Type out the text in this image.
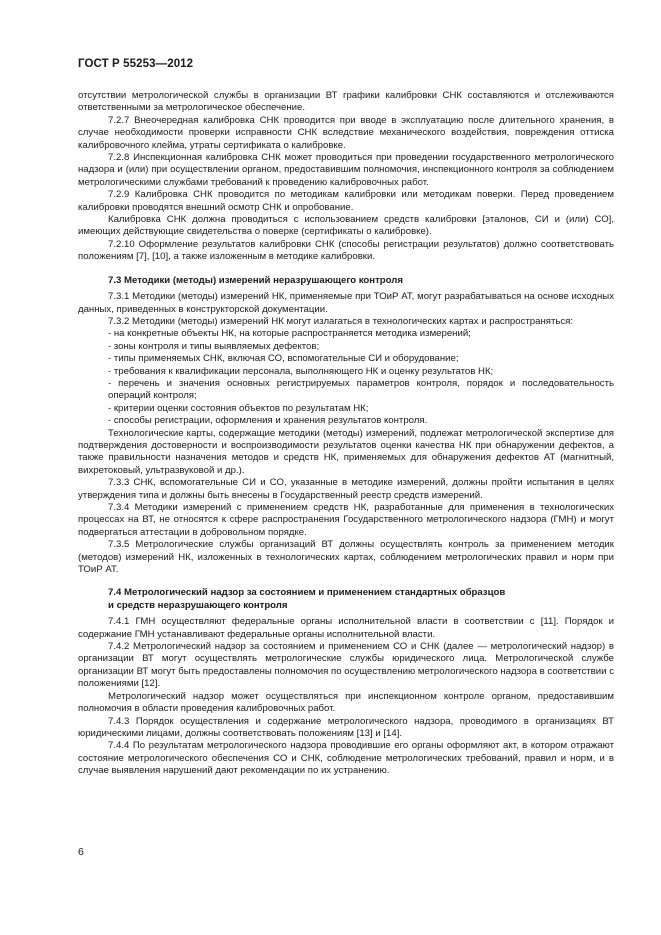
ГОСТ Р 55253—2012

отсутствии метрологической службы в организации ВТ графики калибровки СНК составляются и отслеживаются ответственными за метрологическое обеспечение.

7.2.7 Внеочередная калибровка СНК проводится при вводе в эксплуатацию после длительного хранения, в случае необходимости проверки исправности СНК вследствие механического воздействия, повреждения оттиска калибровочного клейма, утраты сертификата о калибровке.

7.2.8 Инспекционная калибровка СНК может проводиться при проведении государственного метрологического надзора и (или) при осуществлении органом, предоставившим полномочия, инспекционного контроля за соблюдением метрологическими службами требований к проведению калибровочных работ.

7.2.9 Калибровка СНК проводится по методикам калибровки или методикам поверки. Перед проведением калибровки проводятся внешний осмотр СНК и опробование.

Калибровка СНК должна проводиться с использованием средств калибровки [эталонов, СИ и (или) СО], имеющих действующие свидетельства о поверке (сертификаты о калибровке).

7.2.10 Оформление результатов калибровки СНК (способы регистрации результатов) должно соответствовать положениям [7], [10], а также изложенным в методике калибровки.

7.3 Методики (методы) измерений неразрушающего контроля

7.3.1 Методики (методы) измерений НК, применяемые при ТОиР АТ, могут разрабатываться на основе исходных данных, приведенных в конструкторской документации.

7.3.2 Методики (методы) измерений НК могут излагаться в технологических картах и распространяться:

- на конкретные объекты НК, на которые распространяется методика измерений;

- зоны контроля и типы выявляемых дефектов;

- типы применяемых СНК, включая СО, вспомогательные СИ и оборудование;

- требования к квалификации персонала, выполняющего НК и оценку результатов НК;

- перечень и значения основных регистрируемых параметров контроля, порядок и последовательность операций контроля;

- критерии оценки состояния объектов по результатам НК;

- способы регистрации, оформления и хранения результатов контроля.

Технологические карты, содержащие методики (методы) измерений, подлежат метрологической экспертизе для подтверждения достоверности и воспроизводимости результатов оценки качества НК при обнаружении дефектов, а также правильности назначения методов и средств НК, применяемых для обнаружения дефектов АТ (магнитный, вихретоковый, ультразвуковой и др.).

7.3.3 СНК, вспомогательные СИ и СО, указанные в методике измерений, должны пройти испытания в целях утверждения типа и должны быть внесены в Государственный реестр средств измерений.

7.3.4 Методики измерений с применением средств НК, разработанные для применения в технологических процессах на ВТ, не относятся к сфере распространения Государственного метрологического надзора (ГМН) и могут подвергаться аттестации в добровольном порядке.

7.3.5 Метрологические службы организаций ВТ должны осуществлять контроль за применением методик (методов) измерений НК, изложенных в технологических картах, соблюдением метрологических правил и норм при ТОиР АТ.

7.4 Метрологический надзор за состоянием и применением стандартных образцов

и средств неразрушающего контроля

7.4.1 ГМН осуществляют федеральные органы исполнительной власти в соответствии с [11]. Порядок и содержание ГМН устанавливают федеральные органы исполнительной власти.

7.4.2 Метрологический надзор за состоянием и применением СО и СНК (далее — метрологический надзор) в организации ВТ могут осуществлять метрологические службы юридического лица. Метрологической службе организации ВТ могут быть предоставлены полномочия по осуществлению метрологического надзора в соответствии с положениями [12].

Метрологический надзор может осуществляться при инспекционном контроле органом, предоставившим полномочия в области проведения калибровочных работ.

7.4.3 Порядок осуществления и содержание метрологического надзора, проводимого в организациях ВТ юридическими лицами, должны соответствовать положениям [13] и [14].

7.4.4 По результатам метрологического надзора проводившие его органы оформляют акт, в котором отражают состояние метрологического обеспечения СО и СНК, соблюдение метрологических требований, правил и норм, и в случае выявления нарушений дают рекомендации по их устранению.

6
